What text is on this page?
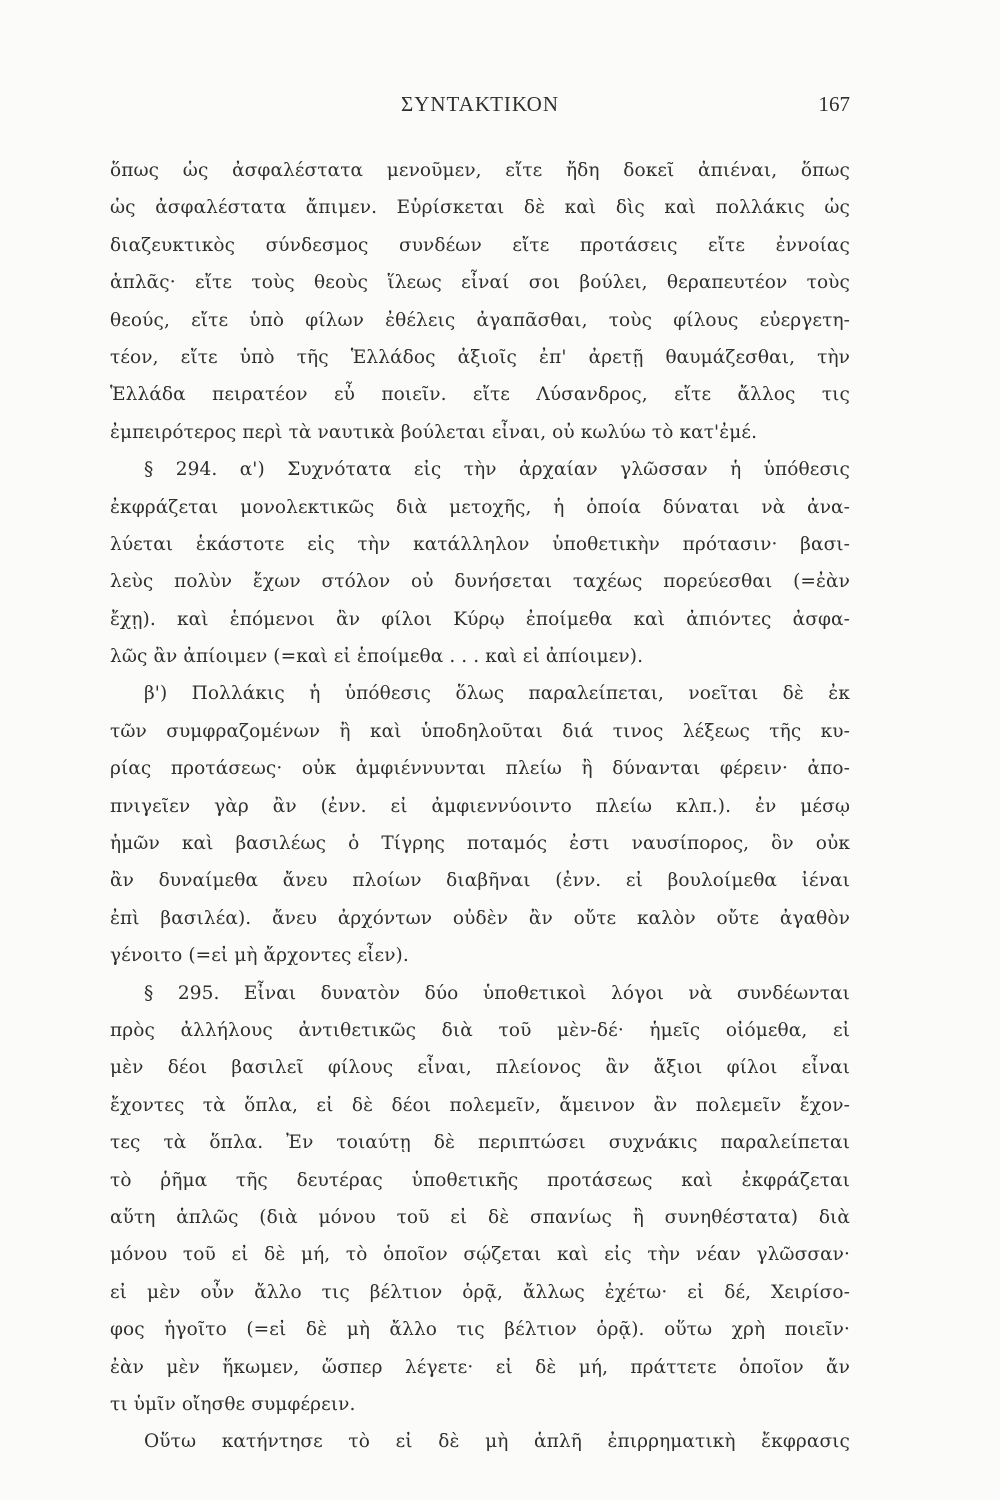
ΣΥΝΤΑΚΤΙΚΟΝ	167
ὅπως ὡς ἀσφαλέστατα μενοῦμεν, εἴτε ἤδη δοκεῖ ἀπιέναι, ὅπως
ὡς ἀσφαλέστατα ἄπιμεν. Εὑρίσκεται δὲ καὶ δὶς καὶ πολλάκις ὡς
διαζευκτικὸς σύνδεσμος συνδέων εἴτε προτάσεις εἴτε ἐννοίας
ἁπλᾶς· εἴτε τοὺς θεοὺς ἵλεως εἶναί σοι βούλει, θεραπευτέον τοὺς
θεούς, εἴτε ὑπὸ φίλων ἐθέλεις ἀγαπᾶσθαι, τοὺς φίλους εὐεργετη-
τέον, εἴτε ὑπὸ τῆς Ἑλλάδος ἀξιοῖς ἐπ' ἀρετῇ θαυμάζεσθαι, τὴν
Ἑλλάδα πειρατέον εὖ ποιεῖν. εἴτε Λύσανδρος, εἴτε ἄλλος τις
ἐμπειρότερος περὶ τὰ ναυτικὰ βούλεται εἶναι, οὐ κωλύω τὸ κατ'ἐμέ.
§ 294. α') Συχνότατα εἰς τὴν ἀρχαίαν γλῶσσαν ἡ ὑπόθεσις
ἐκφράζεται μονολεκτικῶς διὰ μετοχῆς, ἡ ὁποία δύναται νὰ ἀνα-
λύεται ἑκάστοτε εἰς τὴν κατάλληλον ὑποθετικὴν πρότασιν· βασι-
λεὺς πολὺν ἔχων στόλον οὐ δυνήσεται ταχέως πορεύεσθαι (=ἐὰν
ἔχῃ). καὶ ἑπόμενοι ἂν φίλοι Κύρῳ ἐποίμεθα καὶ ἀπιόντες ἀσφα-
λῶς ἂν ἀπίοιμεν (=καὶ εἰ ἑποίμεθα . . . καὶ εἰ ἀπίοιμεν).
β') Πολλάκις ἡ ὑπόθεσις ὅλως παραλείπεται, νοεῖται δὲ ἐκ
τῶν συμφραζομένων ἢ καὶ ὑποδηλοῦται διά τινος λέξεως τῆς κυ-
ρίας προτάσεως· οὐκ ἀμφιέννυνται πλείω ἢ δύνανται φέρειν· ἀπο-
πνιγεῖεν γὰρ ἂν (ἐνν. εἰ ἀμφιεννύοιντο πλείω κλπ.). ἐν μέσῳ
ἡμῶν καὶ βασιλέως ὁ Τίγρης ποταμός ἐστι ναυσίπορος, ὃν οὐκ
ἂν δυναίμεθα ἄνευ πλοίων διαβῆναι (ἐνν. εἰ βουλοίμεθα ἰέναι
ἐπὶ βασιλέα). ἄνευ ἀρχόντων οὐδὲν ἂν οὔτε καλὸν οὔτε ἀγαθὸν
γένοιτο (=εἰ μὴ ἄρχοντες εἶεν).
§ 295. Εἶναι δυνατὸν δύο ὑποθετικοὶ λόγοι νὰ συνδέωνται
πρὸς ἀλλήλους ἀντιθετικῶς διὰ τοῦ μὲν-δέ· ἡμεῖς οἰόμεθα, εἰ
μὲν δέοι βασιλεῖ φίλους εἶναι, πλείονος ἂν ἄξιοι φίλοι εἶναι
ἔχοντες τὰ ὅπλα, εἰ δὲ δέοι πολεμεῖν, ἄμεινον ἂν πολεμεῖν ἔχον-
τες τὰ ὅπλα. Ἐν τοιαύτῃ δὲ περιπτώσει συχνάκις παραλείπεται
τὸ ῥῆμα τῆς δευτέρας ὑποθετικῆς προτάσεως καὶ ἐκφράζεται
αὕτη ἁπλῶς (διὰ μόνου τοῦ εἰ δὲ σπανίως ἢ συνηθέστατα) διὰ
μόνου τοῦ εἰ δὲ μή, τὸ ὁποῖον σῴζεται καὶ εἰς τὴν νέαν γλῶσσαν·
εἰ μὲν οὖν ἄλλο τις βέλτιον ὁρᾷ, ἄλλως ἐχέτω· εἰ δέ, Χειρίσο-
φος ἡγοῖτο (=εἰ δὲ μὴ ἄλλο τις βέλτιον ὁρᾷ). οὕτω χρὴ ποιεῖν·
ἐὰν μὲν ἥκωμεν, ὥσπερ λέγετε· εἰ δὲ μή, πράττετε ὁποῖον ἄν
τι ὑμῖν οἴησθε συμφέρειν.
Οὕτω κατήντησε τὸ εἰ δὲ μὴ ἁπλῆ ἐπιρρηματικὴ ἔκφρασις
